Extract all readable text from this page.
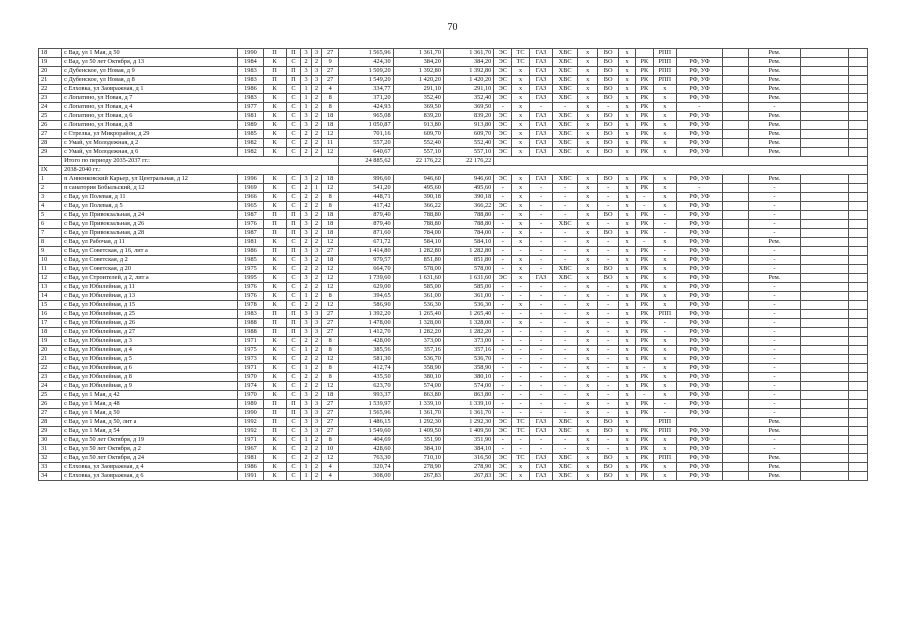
70
18	с Вад, ул 1 Мая, д 50	1990	П	П	3	3	27	1 565,96	1 361,70	1 361,70	ЭС	ТС	ГАЗ	ХВС	х	ВО	х		РПП			Рем.		
19	с Вад, ул 50 лет Октября, д 13	1984	К	С	2	2	9	424,30	384,20	384,20	ЭС	ТС	ГАЗ	ХВС	х	ВО	х	РК	РПП	РФ, УФ		Рем.		
20	с Дубенское, ул Новая, д 9	1983	П	П	3	3	27	1 509,20	1 392,80	1 392,80	ЭС	х	ГАЗ	ХВС	х	ВО	х	РК	РПП	РФ, УФ		Рем.		
21	с Дубенское, ул Новая, д 8	1983	П	П	3	3	27	1 549,20	1 420,20	1 420,20	ЭС	х	ГАЗ	ХВС	х	ВО	х	РК	РПП	РФ, УФ		Рем.		
22	с Елховка, ул Заовражная, д 1	1986	К	С	1	2	4	334,77	291,10	291,10	ЭС	х	ГАЗ	ХВС	х	ВО	х	РК	х	РФ, УФ		Рем.		
23	с Лопатино, ул Новая, д 7	1983	К	С	1	2	8	371,20	352,40	352,40	ЭС	х	ГАЗ	ХВС	х	ВО	х	РК	х	РФ, УФ		Рем.		
24	с Лопатино, ул Новая, д 4	1977	К	С	1	2	8	424,93	369,50	369,50	-	х	-	-	х	-	х	РК	х	-		-		
25	с Лопатино, ул Новая, д 6	1981	К	С	3	2	18	965,08	839,20	839,20	ЭС	х	ГАЗ	ХВС	х	ВО	х	РК	х	РФ, УФ		Рем.		
26	с Лопатино, ул Новая, д 8	1989	К	С	3	2	18	1 050,87	913,80	913,80	ЭС	х	ГАЗ	ХВС	х	ВО	х	РК	х	РФ, УФ		Рем.		
27	с Стрелка, ул Микрорайон, д 29	1985	К	С	2	2	12	701,16	609,70	609,70	ЭС	х	ГАЗ	ХВС	х	ВО	х	РК	х	РФ, УФ		Рем.		
28	с Умай, ул Молодежная, д 2	1982	К	С	2	2	11	557,20	552,40	552,40	ЭС	х	ГАЗ	ХВС	х	ВО	х	РК	х	РФ, УФ		Рем.		
29	с Умай, ул Молодежная, д 6	1982	К	С	2	2	12	640,67	557,10	557,10	ЭС	х	ГАЗ	ХВС	х	ВО	х	РК	х	РФ, УФ		Рем.		
	Итого по периоду 2035-2037 гг.:							24 885,62	22 176,22	22 176,22														
IX	2038-2040 гг.:																							
1	п Анненковский Карьер, ул Центральная, д 12	1996	К	С	3	2	18	996,60	946,60	946,60	ЭС	х	ГАЗ	ХВС	х	ВО	х	РК	х	РФ, УФ		Рем.		
2	п санатория Бобыльский, д 12	1969	К	С	2	1	12	541,20	495,60	495,60	-	х	-	-	х	-	х	РК	х	-		-		
3	с Вад, ул Полевая, д 11	1966	К	С	2	2	8	448,71	390,18	390,18	-	х	-	-	х	-	х	-	х	РФ, УФ		-		
4	с Вад, ул Полевая, д 5	1965	К	С	2	2	8	417,42	366,22	366,22	ЭС	х	-	-	х	-	х	-	х	РФ, УФ		-		
5	с Вад, ул Привокзальная, д 24	1987	П	П	3	2	18	879,40	788,80	788,80	-	х	-	-	х	ВО	х	РК	-	РФ, УФ		-		
6	с Вад, ул Привокзальная, д 26	1976	П	П	3	2	18	879,40	788,80	788,80	-	х	-	ХВС	х	-	х	РК	-	РФ, УФ		-		
7	с Вад, ул Привокзальная, д 28	1987	П	П	3	2	18	871,60	784,00	784,00	-	х	-	-	х	ВО	х	РК	-	РФ, УФ		-		
8	с Вад, ул Рабочая, д 11	1981	К	С	2	2	12	671,72	584,10	584,10	-	х	-	-	х	-	х	-	х	РФ, УФ		Рем.		
9	с Вад, ул Советская, д 16, лит а	1986	П	П	3	3	27	1 414,80	1 282,80	1 282,80	-	-	-	-	х	-	х	РК	-	РФ, УФ		-		
10	с Вад, ул Советская, д 2	1985	К	С	3	2	18	979,57	851,80	851,80	-	х	-	-	х	-	х	РК	х	РФ, УФ		-		
11	с Вад, ул Советская, д 20	1975	К	С	2	2	12	664,70	578,00	578,00	-	х	-	ХВС	х	ВО	х	РК	х	РФ, УФ		-		
12	с Вад, ул Строителей, д 2, лит а	1995	К	С	3	2	12	1 739,60	1 631,60	1 631,60	ЭС	х	ГАЗ	ХВС	х	ВО	х	РК	х	РФ, УФ		Рем.		
13	с Вад, ул Юбилейная, д 11	1976	К	С	2	2	12	629,00	585,00	585,00	-	-	-	-	х	-	х	РК	х	РФ, УФ		-		
14	с Вад, ул Юбилейная, д 13	1976	К	С	1	2	8	394,65	361,00	361,00	-	-	-	-	х	-	х	РК	х	РФ, УФ		-		
15	с Вад, ул Юбилейная, д 15	1978	К	С	2	2	12	586,90	536,30	536,30	-	х	-	-	х	-	х	РК	х	РФ, УФ		-		
16	с Вад, ул Юбилейная, д 25	1983	П	П	3	3	27	1 392,20	1 265,40	1 265,40	-	-	-	-	х	-	х	РК	РПП	РФ, УФ		-		
17	с Вад, ул Юбилейная, д 26	1988	П	П	3	3	27	1 478,00	1 328,00	1 328,00	-	х	-	-	х	-	х	РК	-	РФ, УФ		-		
18	с Вад, ул Юбилейная, д 27	1988	П	П	3	3	27	1 412,70	1 282,20	1 282,20	-	-	-	-	х	-	х	РК	-	РФ, УФ		-		
19	с Вад, ул Юбилейная, д 3	1971	К	С	2	2	8	428,00	373,00	373,00	-	-	-	-	х	-	х	РК	х	РФ, УФ		-		
20	с Вад, ул Юбилейная, д 4	1975	К	С	1	2	8	385,56	357,16	357,16	-	-	-	-	х	-	х	РК	х	РФ, УФ		-		
21	с Вад, ул Юбилейная, д 5	1973	К	С	2	2	12	581,30	536,70	536,70	-	-	-	-	х	-	х	РК	х	РФ, УФ		-		
22	с Вад, ул Юбилейная, д 6	1971	К	С	1	2	8	412,74	358,90	358,90	-	-	-	-	х	-	х	-	х	РФ, УФ		-		
23	с Вад, ул Юбилейная, д 8	1970	К	С	2	2	8	435,50	380,10	380,10	-	-	-	-	х	-	х	РК	х	РФ, УФ		-		
24	с Вад, ул Юбилейная, д 9	1974	К	С	2	2	12	623,70	574,00	574,00	-	-	-	-	х	-	х	РК	х	РФ, УФ		-		
25	с Вад, ул 1 Мая, д 42	1970	К	С	3	2	18	993,37	863,80	863,80	-	-	-	-	х	-	х	-	х	РФ, УФ		-		
26	с Вад, ул 1 Мая, д 48	1989	П	П	3	3	27	1 539,97	1 339,10	1 339,10	-	-	-	-	х	-	х	РК	-	РФ, УФ		-		
27	с Вад, ул 1 Мая, д 50	1990	П	П	3	3	27	1 565,96	1 361,70	1 361,70	-	-	-	-	х	-	х	РК	-	РФ, УФ		-		
28	с Вад, ул 1 Мая, д 50, лит а	1992	П	С	3	3	27	1 486,15	1 292,30	1 292,30	ЭС	ТС	ГАЗ	ХВС	х	ВО	х		РПП			Рем.		
29	с Вад, ул 1 Мая, д 54	1992	П	С	3	3	27	1 549,60	1 409,50	1 409,50	ЭС	ТС	ГАЗ	ХВС	х	ВО	х	РК	РПП	РФ, УФ		Рем.		
30	с Вад, ул 50 лет Октября, д 19	1971	К	С	1	2	8	404,69	351,90	351,90	-	-	-	-	х	-	х	РК	х	РФ, УФ		-		
31	с Вад, ул 50 лет Октября, д 2	1967	К	С	2	2	10	428,60	384,10	384,10	-	-	-	-	х	-	х	РК	х	РФ, УФ		-		
32	с Вад, ул 50 лет Октября, д 24	1981	К	С	2	2	12	763,30	710,10	316,50	ЭС	ТС	ГАЗ	ХВС	х	ВО	х	РК	РПП	РФ, УФ		Рем.		
33	с Елховка, ул Заовражная, д 4	1986	К	С	1	2	4	320,74	278,90	278,90	ЭС	х	ГАЗ	ХВС	х	ВО	х	РК	х	РФ, УФ		Рем.		
34	с Елховка, ул Заовражная, д 6	1991	К	С	1	2	4	308,00	267,83	267,83	ЭС	х	ГАЗ	ХВС	х	ВО	х	РК	х	РФ, УФ		Рем.		
